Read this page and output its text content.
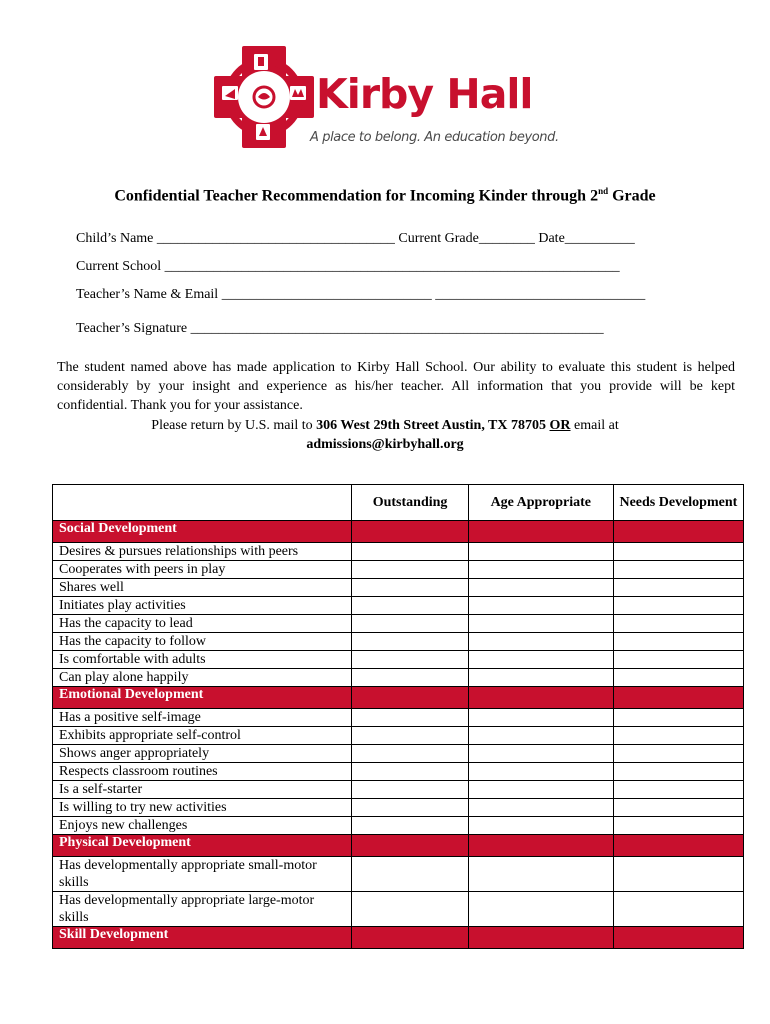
Kirby Hall
A place to belong. An education beyond.
Confidential Teacher Recommendation for Incoming Kinder through 2nd Grade
Child’s Name __________________________________ Current Grade________ Date__________
Current School _________________________________________________________________
Teacher’s Name & Email ______________________________ ______________________________
Teacher’s Signature ___________________________________________________________
The student named above has made application to Kirby Hall School. Our ability to evaluate this student is helped considerably by your insight and experience as his/her teacher. All information that you provide will be kept confidential. Thank you for your assistance.
Please return by U.S. mail to 306 West 29th Street Austin, TX 78705 OR email at
admissions@kirbyhall.org
	Outstanding	Age Appropriate	Needs Development
Social Development			
Desires & pursues relationships with peers			
Cooperates with peers in play			
Shares well			
Initiates play activities			
Has the capacity to lead			
Has the capacity to follow			
Is comfortable with adults			
Can play alone happily			
Emotional Development			
Has a positive self-image			
Exhibits appropriate self-control			
Shows anger appropriately			
Respects classroom routines			
Is a self-starter			
Is willing to try new activities			
Enjoys new challenges			
Physical Development			
Has developmentally appropriate small-motor skills			
Has developmentally appropriate large-motor skills			
Skill Development			
